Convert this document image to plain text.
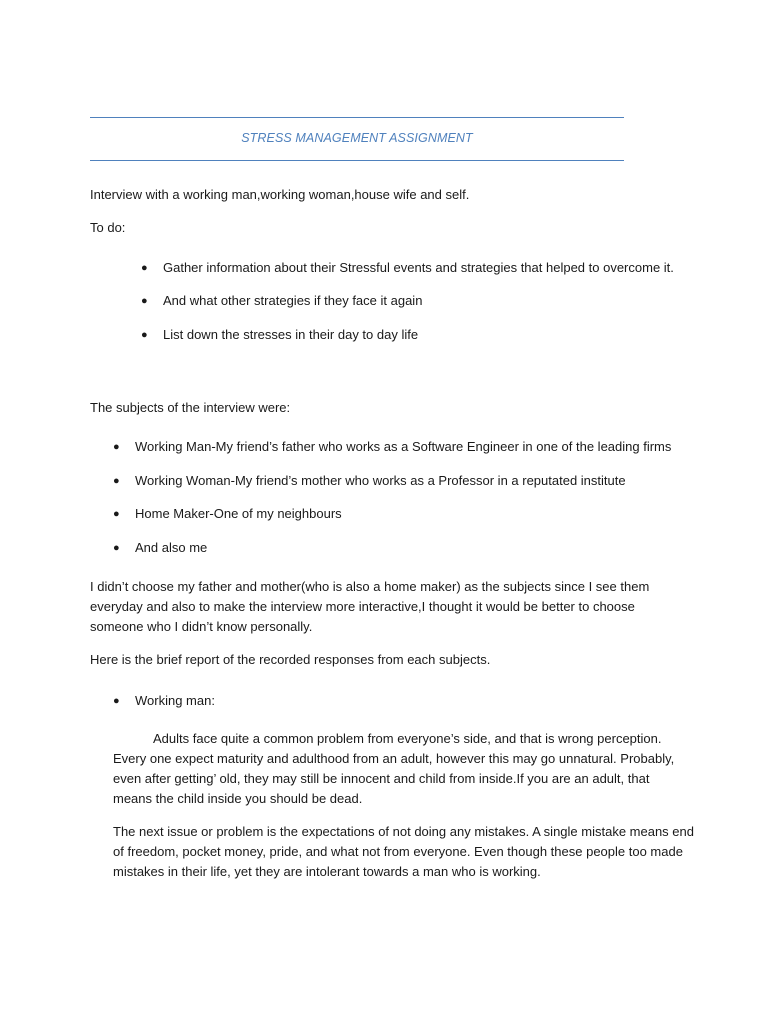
STRESS MANAGEMENT ASSIGNMENT
Interview with a working man,working woman,house wife and self.
To do:
● Gather information about their Stressful events and strategies that helped to overcome it.
● And what other strategies if they face it again
● List down the stresses in their day to day life
The subjects of the interview were:
● Working Man-My friend’s father who works as a Software Engineer in one of the leading firms
● Working Woman-My friend’s mother who works as a Professor in a reputated institute
● Home Maker-One of my neighbours
● And also me
I didn’t choose my father and mother(who is also a home maker) as the subjects since I see them
everyday and also to make the interview more interactive,I thought it would be better to choose
someone who I didn’t know personally.
Here is the brief report of the recorded responses from each subjects.
● Working man:
Adults face quite a common problem from everyone’s side, and that is wrong perception.
Every one expect maturity and adulthood from an adult, however this may go unnatural. Probably,
even after getting’ old, they may still be innocent and child from inside.If you are an adult, that
means the child inside you should be dead.
The next issue or problem is the expectations of not doing any mistakes. A single mistake means end
of freedom, pocket money, pride, and what not from everyone. Even though these people too made
mistakes in their life, yet they are intolerant towards a man who is working.
